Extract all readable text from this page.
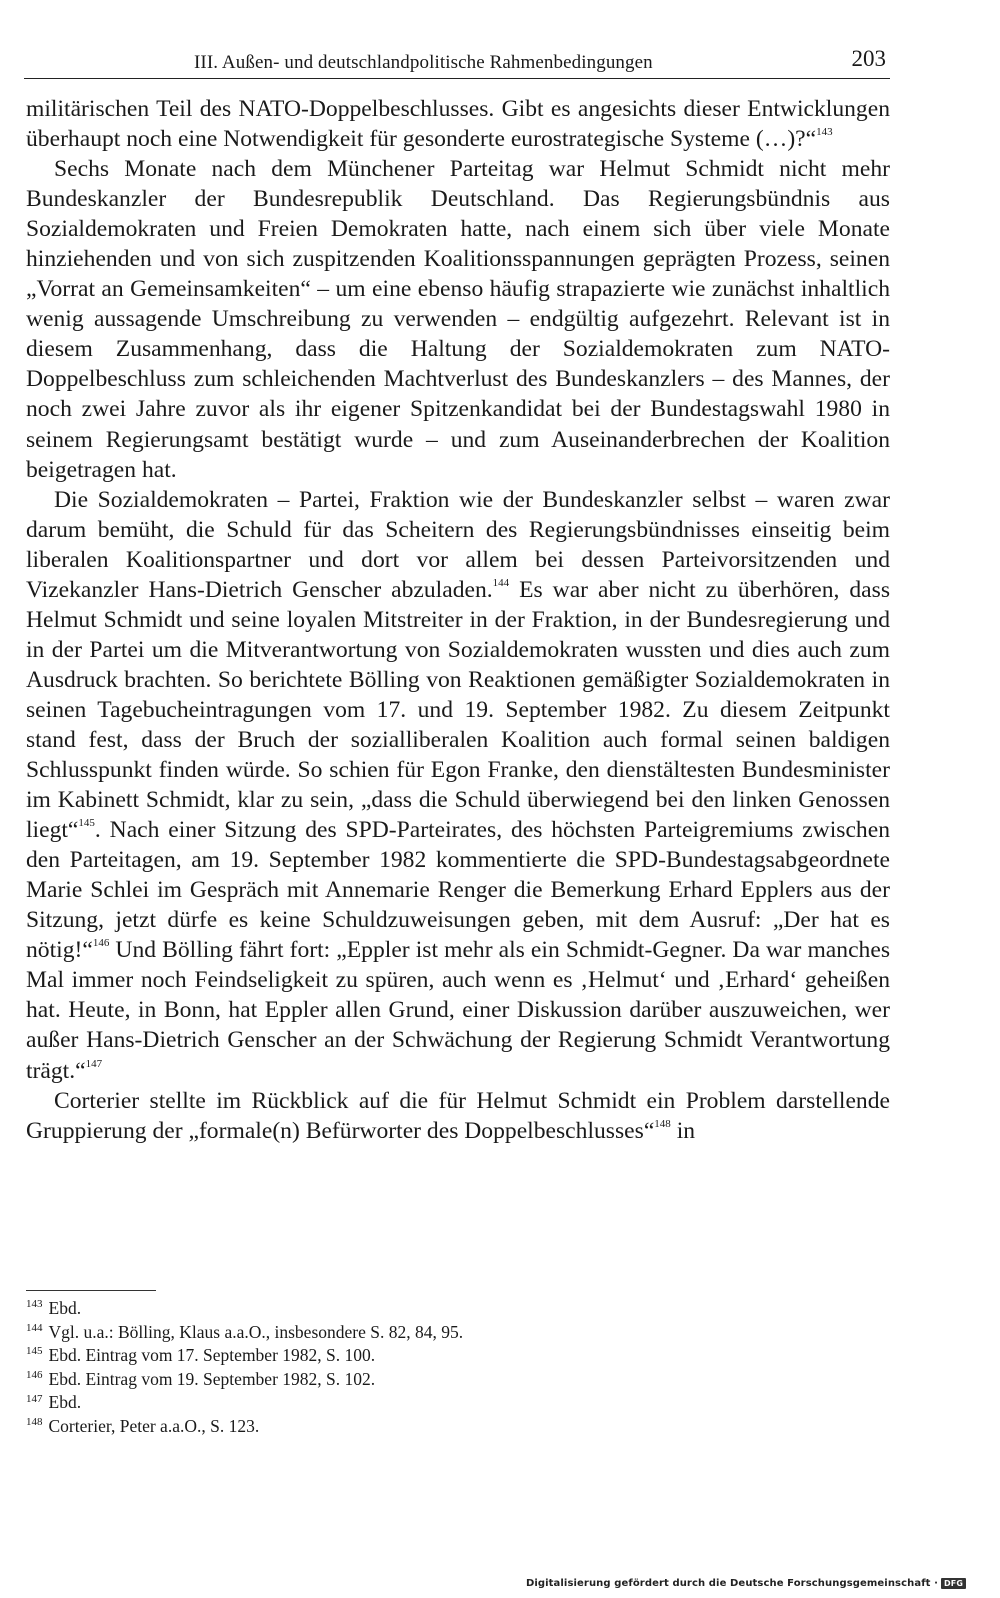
III. Außen- und deutschlandpolitische Rahmenbedingungen	203

militärischen Teil des NATO-Doppelbeschlusses. Gibt es angesichts dieser Entwicklungen überhaupt noch eine Notwendigkeit für gesonderte eurostrategische Systeme (…)?“$^{143}$

Sechs Monate nach dem Münchener Parteitag war Helmut Schmidt nicht mehr Bundeskanzler der Bundesrepublik Deutschland. Das Regierungsbündnis aus Sozialdemokraten und Freien Demokraten hatte, nach einem sich über viele Monate hinziehenden und von sich zuspitzenden Koalitionsspannungen geprägten Prozess, seinen „Vorrat an Gemeinsamkeiten“ – um eine ebenso häufig strapazierte wie zunächst inhaltlich wenig aussagende Umschreibung zu verwenden – endgültig aufgezehrt. Relevant ist in diesem Zusammenhang, dass die Haltung der Sozialdemokraten zum NATO-Doppelbeschluss zum schleichenden Machtverlust des Bundeskanzlers – des Mannes, der noch zwei Jahre zuvor als ihr eigener Spitzenkandidat bei der Bundestagswahl 1980 in seinem Regierungsamt bestätigt wurde – und zum Auseinanderbrechen der Koalition beigetragen hat.

Die Sozialdemokraten – Partei, Fraktion wie der Bundeskanzler selbst – waren zwar darum bemüht, die Schuld für das Scheitern des Regierungsbündnisses einseitig beim liberalen Koalitionspartner und dort vor allem bei dessen Parteivorsitzenden und Vizekanzler Hans-Dietrich Genscher abzuladen.$^{144}$ Es war aber nicht zu überhören, dass Helmut Schmidt und seine loyalen Mitstreiter in der Fraktion, in der Bundesregierung und in der Partei um die Mitverantwortung von Sozialdemokraten wussten und dies auch zum Ausdruck brachten. So berichtete Bölling von Reaktionen gemäßigter Sozialdemokraten in seinen Tagebucheintragungen vom 17. und 19. September 1982. Zu diesem Zeitpunkt stand fest, dass der Bruch der sozialliberalen Koalition auch formal seinen baldigen Schlusspunkt finden würde. So schien für Egon Franke, den dienstältesten Bundesminister im Kabinett Schmidt, klar zu sein, „dass die Schuld überwiegend bei den linken Genossen liegt“$^{145}$. Nach einer Sitzung des SPD-Parteirates, des höchsten Parteigremiums zwischen den Parteitagen, am 19. September 1982 kommentierte die SPD-Bundestagsabgeordnete Marie Schlei im Gespräch mit Annemarie Renger die Bemerkung Erhard Epplers aus der Sitzung, jetzt dürfe es keine Schuldzuweisungen geben, mit dem Ausruf: „Der hat es nötig!“$^{146}$ Und Bölling fährt fort: „Eppler ist mehr als ein Schmidt-Gegner. Da war manches Mal immer noch Feindseligkeit zu spüren, auch wenn es ‚Helmut‘ und ‚Erhard‘ geheißen hat. Heute, in Bonn, hat Eppler allen Grund, einer Diskussion darüber auszuweichen, wer außer Hans-Dietrich Genscher an der Schwächung der Regierung Schmidt Verantwortung trägt.“$^{147}$

Corterier stellte im Rückblick auf die für Helmut Schmidt ein Problem darstellende Gruppierung der „formale(n) Befürworter des Doppelbeschlusses“$^{148}$ in

$^{143}$ Ebd.
$^{144}$ Vgl. u.a.: Bölling, Klaus a.a.O., insbesondere S. 82, 84, 95.
$^{145}$ Ebd. Eintrag vom 17. September 1982, S. 100.
$^{146}$ Ebd. Eintrag vom 19. September 1982, S. 102.
$^{147}$ Ebd.
$^{148}$ Corterier, Peter a.a.O., S. 123.
Digitalisierung gefördert durch die Deutsche Forschungsgemeinschaft · DFG
